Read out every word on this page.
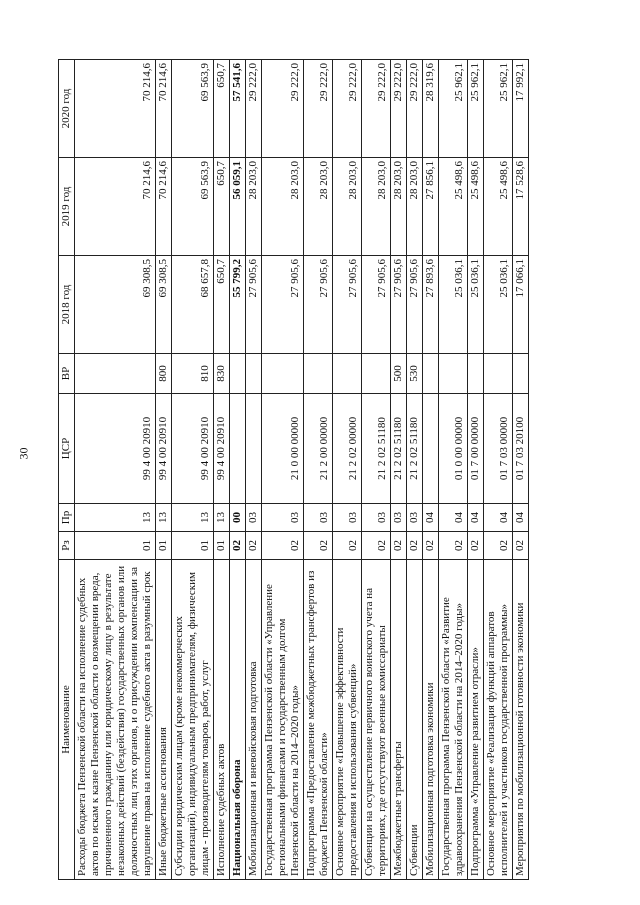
30
Наименование	Рз	Пр	ЦСР	ВР	2018 год	2019 год	2020 год
Расходы бюджета Пензенской области на исполнение судебных актов по искам к казне Пензенской области о возмещении вреда, причиненного гражданину или юридическому лицу в результате незаконных действий (бездействия) государственных органов или должностных лиц этих органов, и о присуждении компенсации за нарушение права на исполнение судебного акта в разумный срок	01	13	99 4 00 20910		69 308,5	70 214,6	70 214,6
Иные бюджетные ассигнования	01	13	99 4 00 20910	800	69 308,5	70 214,6	70 214,6
Субсидии юридическим лицам (кроме некоммерческих организаций), индивидуальным предпринимателям, физическим лицам - производителям товаров, работ, услуг	01	13	99 4 00 20910	810	68 657,8	69 563,9	69 563,9
Исполнение судебных актов	01	13	99 4 00 20910	830	650,7	650,7	650,7
Национальная оборона	02	00			55 799,2	56 059,1	57 541,6
Мобилизационная и вневойсковая подготовка	02	03			27 905,6	28 203,0	29 222,0
Государственная программа Пензенской области «Управление региональными финансами и государственным долгом Пензенской области на 2014–2020 годы»	02	03	21 0 00 00000		27 905,6	28 203,0	29 222,0
Подпрограмма «Предоставление межбюджетных трансфертов из бюджета Пензенской области»	02	03	21 2 00 00000		27 905,6	28 203,0	29 222,0
Основное мероприятие «Повышение эффективности предоставления и использования субвенций»	02	03	21 2 02 00000		27 905,6	28 203,0	29 222,0
Субвенции на осуществление первичного воинского учета на территориях, где отсутствуют военные комиссариаты	02	03	21 2 02 51180		27 905,6	28 203,0	29 222,0
Межбюджетные трансферты	02	03	21 2 02 51180	500	27 905,6	28 203,0	29 222,0
Субвенции	02	03	21 2 02 51180	530	27 905,6	28 203,0	29 222,0
Мобилизационная подготовка экономики	02	04			27 893,6	27 856,1	28 319,6
Государственная программа Пензенской области «Развитие здравоохранения Пензенской области на 2014–2020 годы»	02	04	01 0 00 00000		25 036,1	25 498,6	25 962,1
Подпрограмма «Управление развитием отрасли»	02	04	01 7 00 00000		25 036,1	25 498,6	25 962,1
Основное мероприятие «Реализация функций аппаратов исполнителей и участников государственной программы»	02	04	01 7 03 00000		25 036,1	25 498,6	25 962,1
Мероприятия по мобилизационной готовности экономики	02	04	01 7 03 20100		17 066,1	17 528,6	17 992,1
